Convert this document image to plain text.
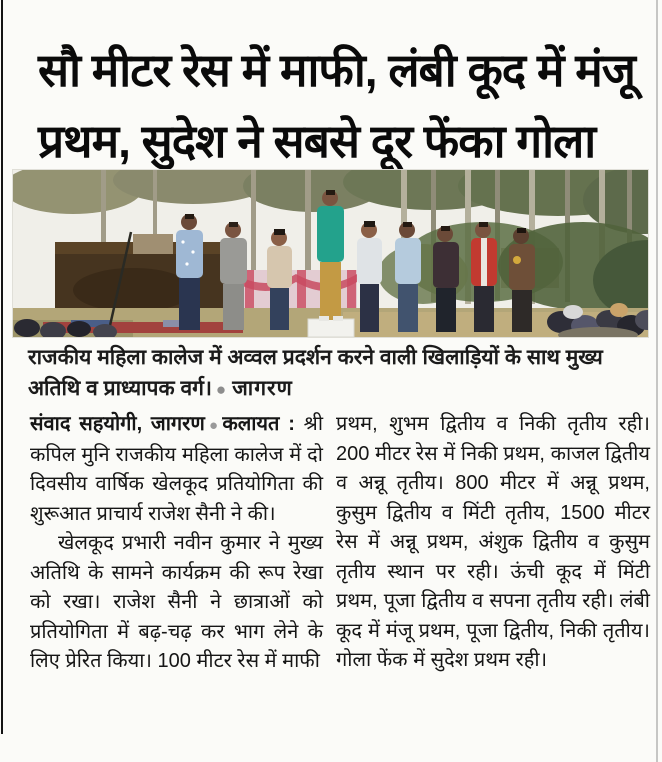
सौ मीटर रेस में माफी, लंबी कूद में मंजू
प्रथम, सुदेश ने सबसे दूर फेंका गोला
राजकीय महिला कालेज में अव्वल प्रदर्शन करने वाली खिलाड़ियों के साथ मुख्य अतिथि व प्राध्यापक वर्ग। ● जागरण

संवाद सहयोगी, जागरण●कलायत : श्री कपिल मुनि राजकीय महिला कालेज में दो दिवसीय वार्षिक खेलकूद प्रतियोगिता की शुरूआत प्राचार्य राजेश सैनी ने की।

खेलकूद प्रभारी नवीन कुमार ने मुख्य अतिथि के सामने कार्यक्रम की रूप रेखा को रखा। राजेश सैनी ने छात्राओं को प्रतियोगिता में बढ़-चढ़ कर भाग लेने के लिए प्रेरित किया। 100 मीटर रेस में माफी

प्रथम, शुभम द्वितीय व निकी तृतीय रही। 200 मीटर रेस में निकी प्रथम, काजल द्वितीय व अन्नू तृतीय। 800 मीटर में अन्नू प्रथम, कुसुम द्वितीय व मिंटी तृतीय, 1500 मीटर रेस में अन्नू प्रथम, अंशुक द्वितीय व कुसुम तृतीय स्थान पर रही। ऊंची कूद में मिंटी प्रथम, पूजा द्वितीय व सपना तृतीय रही। लंबी कूद में मंजू प्रथम, पूजा द्वितीय, निकी तृतीय। गोला फेंक में सुदेश प्रथम रही।
